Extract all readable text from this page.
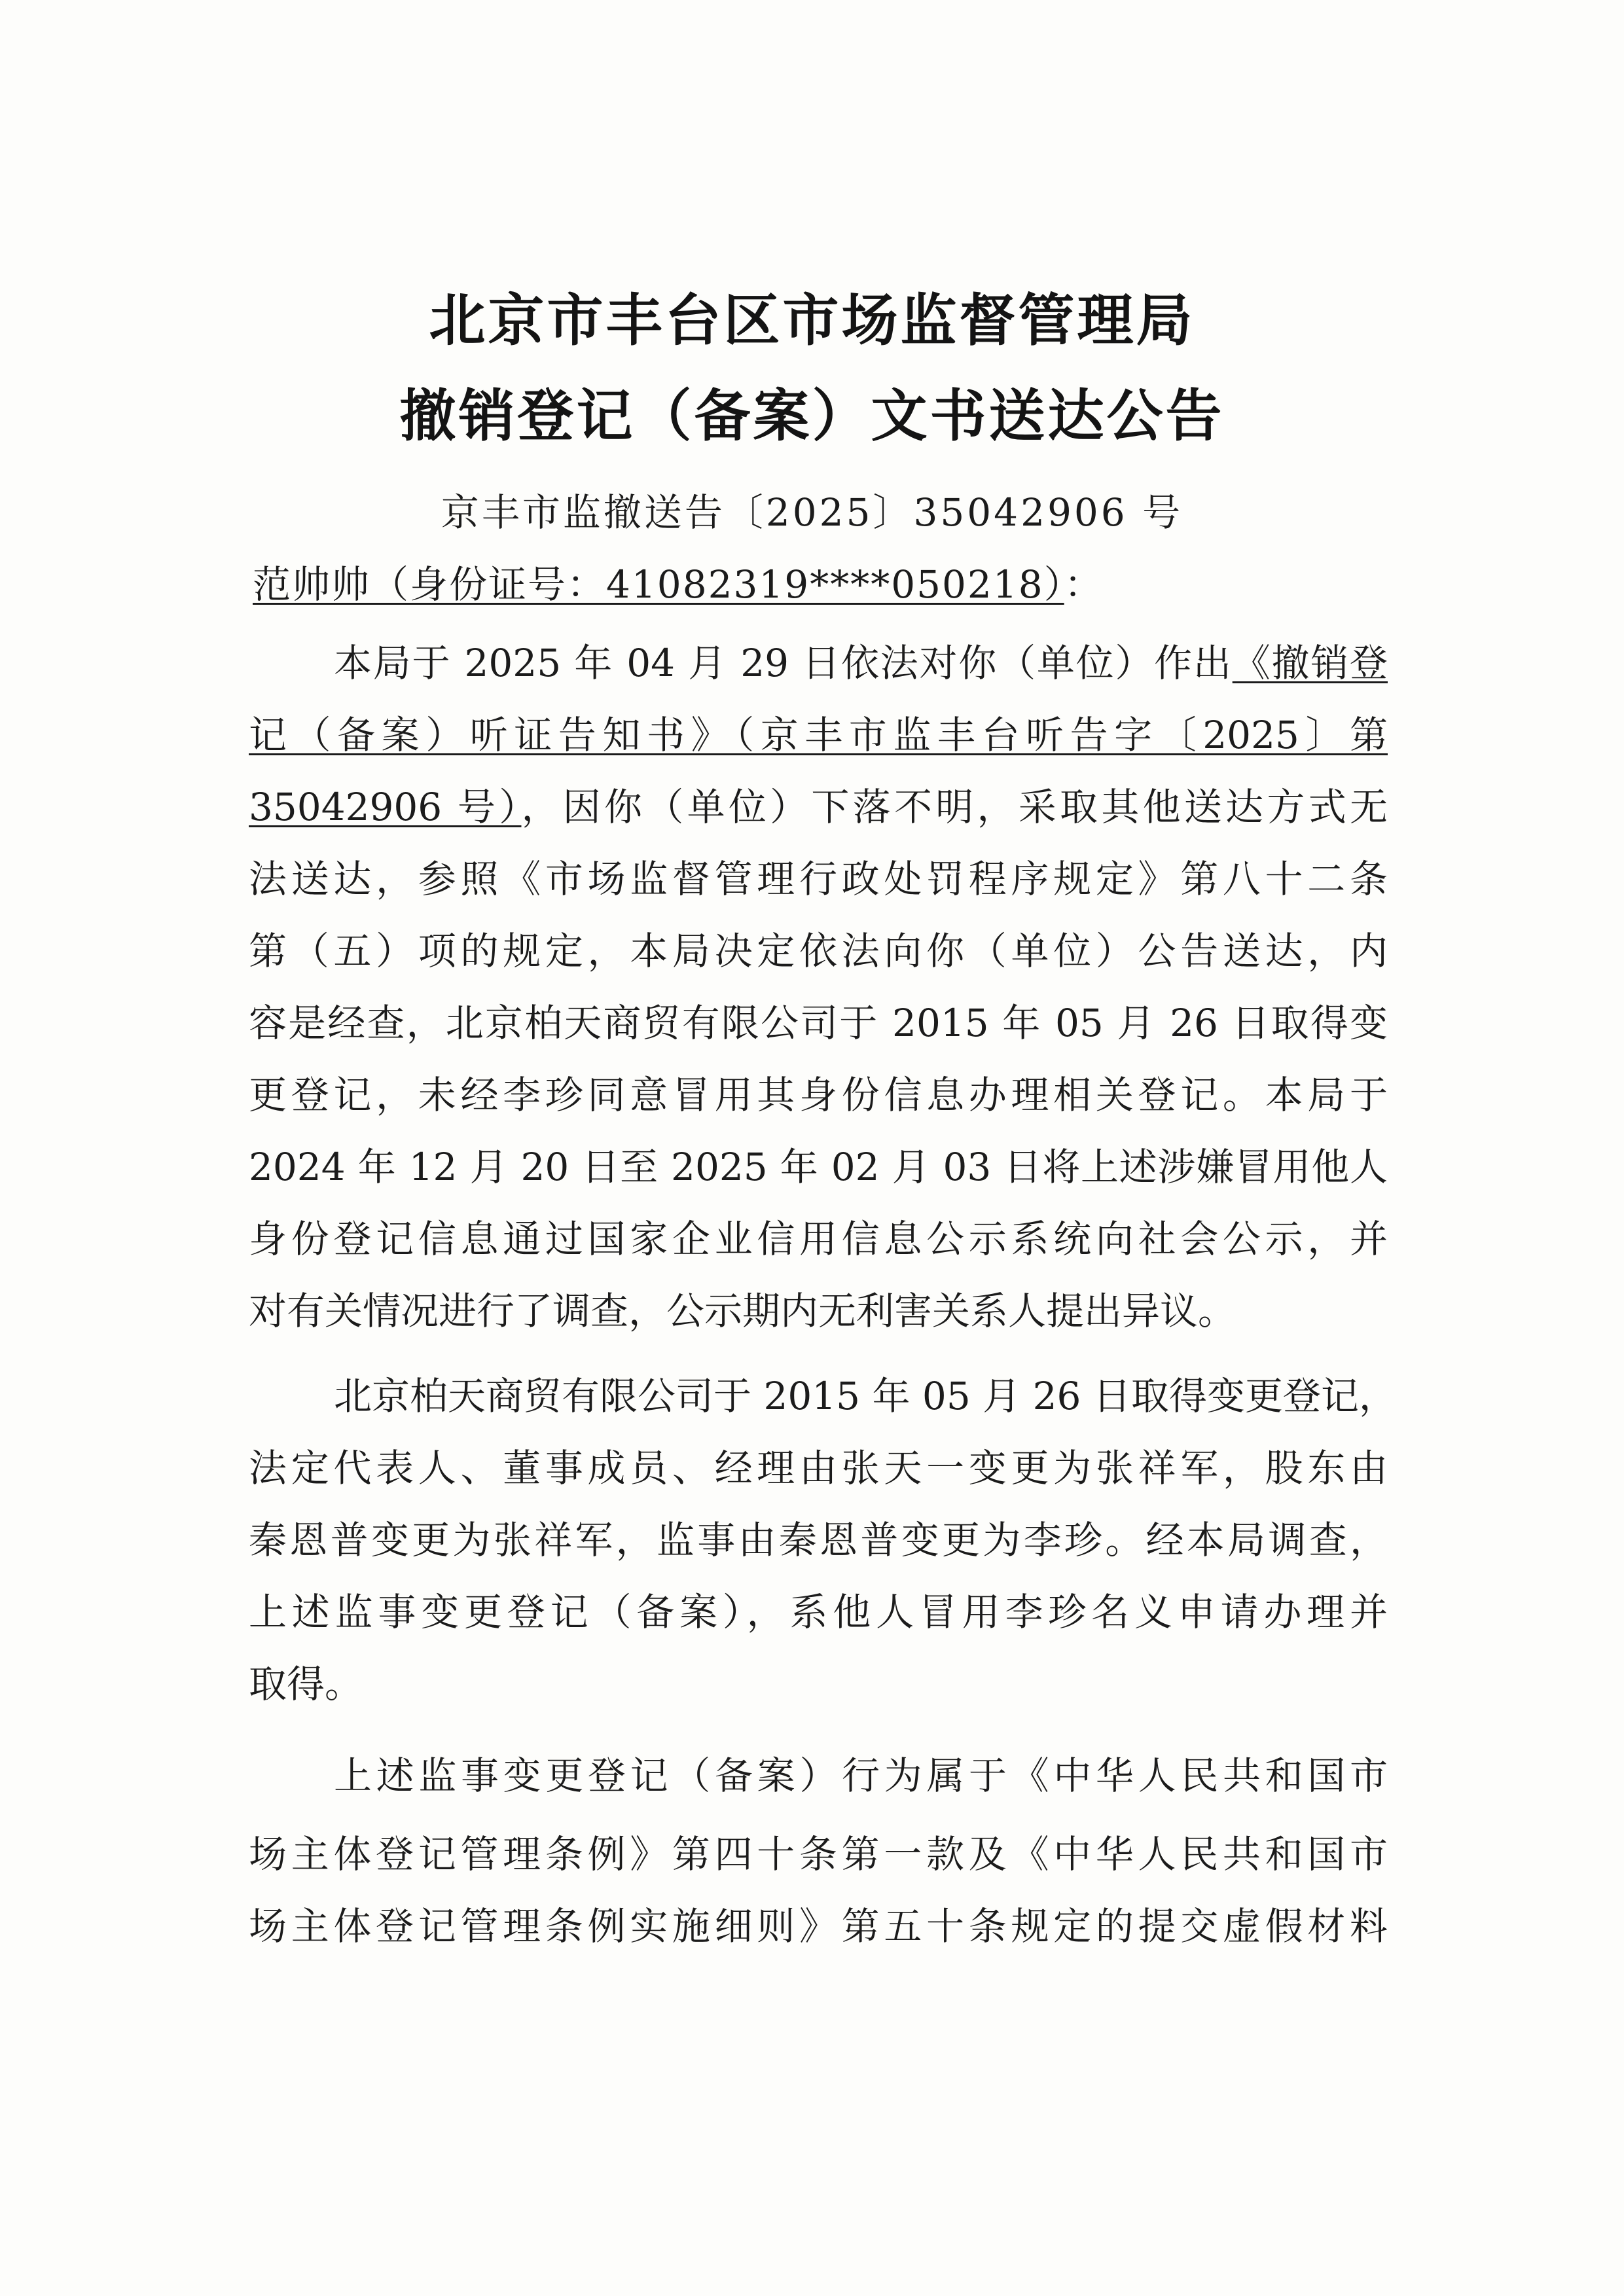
北京市丰台区市场监督管理局
撤销登记（备案）文书送达公告
京丰市监撤送告〔2025〕35042906 号
范帅帅（身份证号：41082319****050218）：
本局于 2025 年 04 月 29 日依法对你（单位）作出《撤销登
记（备案）听证告知书》（京丰市监丰台听告字〔2025〕第
35042906 号），因你（单位）下落不明，采取其他送达方式无
法送达，参照《市场监督管理行政处罚程序规定》第八十二条
第（五）项的规定，本局决定依法向你（单位）公告送达，内
容是经查，北京柏天商贸有限公司于 2015 年 05 月 26 日取得变
更登记，未经李珍同意冒用其身份信息办理相关登记。本局于
2024 年 12 月 20 日至 2025 年 02 月 03 日将上述涉嫌冒用他人
身份登记信息通过国家企业信用信息公示系统向社会公示，并
对有关情况进行了调查，公示期内无利害关系人提出异议。
北京柏天商贸有限公司于 2015 年 05 月 26 日取得变更登记，
法定代表人、董事成员、经理由张天一变更为张祥军，股东由
秦恩普变更为张祥军，监事由秦恩普变更为李珍。经本局调查，
上述监事变更登记（备案），系他人冒用李珍名义申请办理并
取得。
上述监事变更登记（备案）行为属于《中华人民共和国市
场主体登记管理条例》第四十条第一款及《中华人民共和国市
场主体登记管理条例实施细则》第五十条规定的提交虚假材料
